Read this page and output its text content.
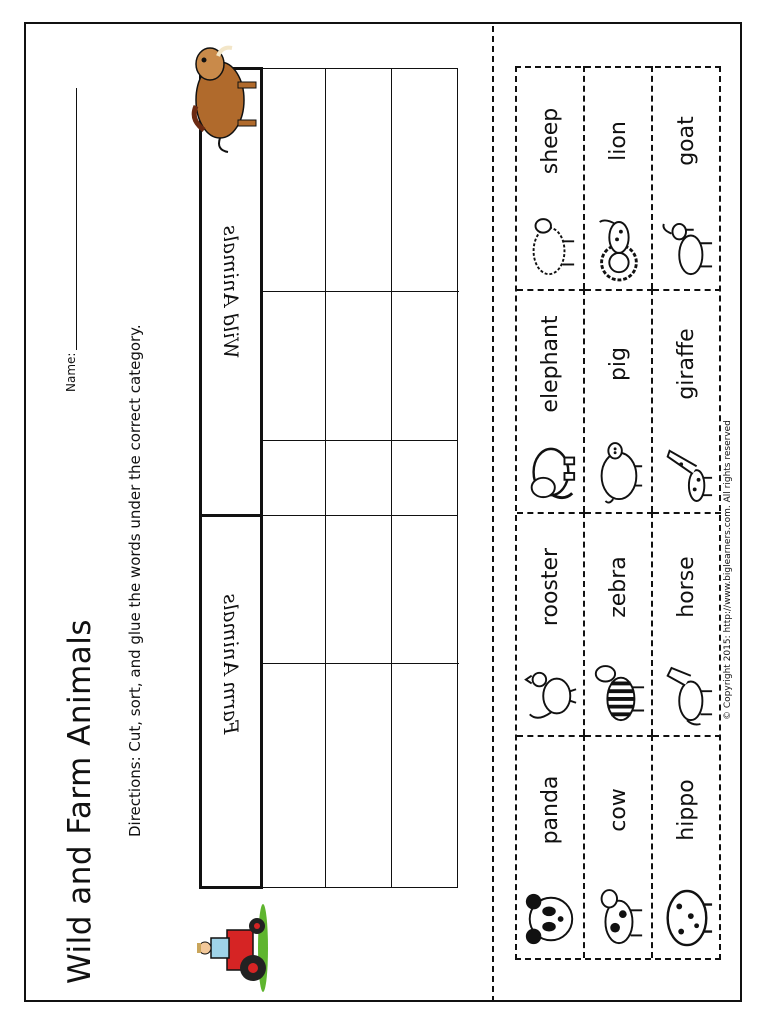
Wild and Farm Animals
Name:	Directions: Cut, sort, and glue the words under the correct category.	Farm Animals
Wild Animals
panda
rooster
elephant
sheep
cow
zebra
pig
lion
hippo
horse
giraffe
goat
© Copyright 2015: http://www.biglearners.com. All rights reserved
